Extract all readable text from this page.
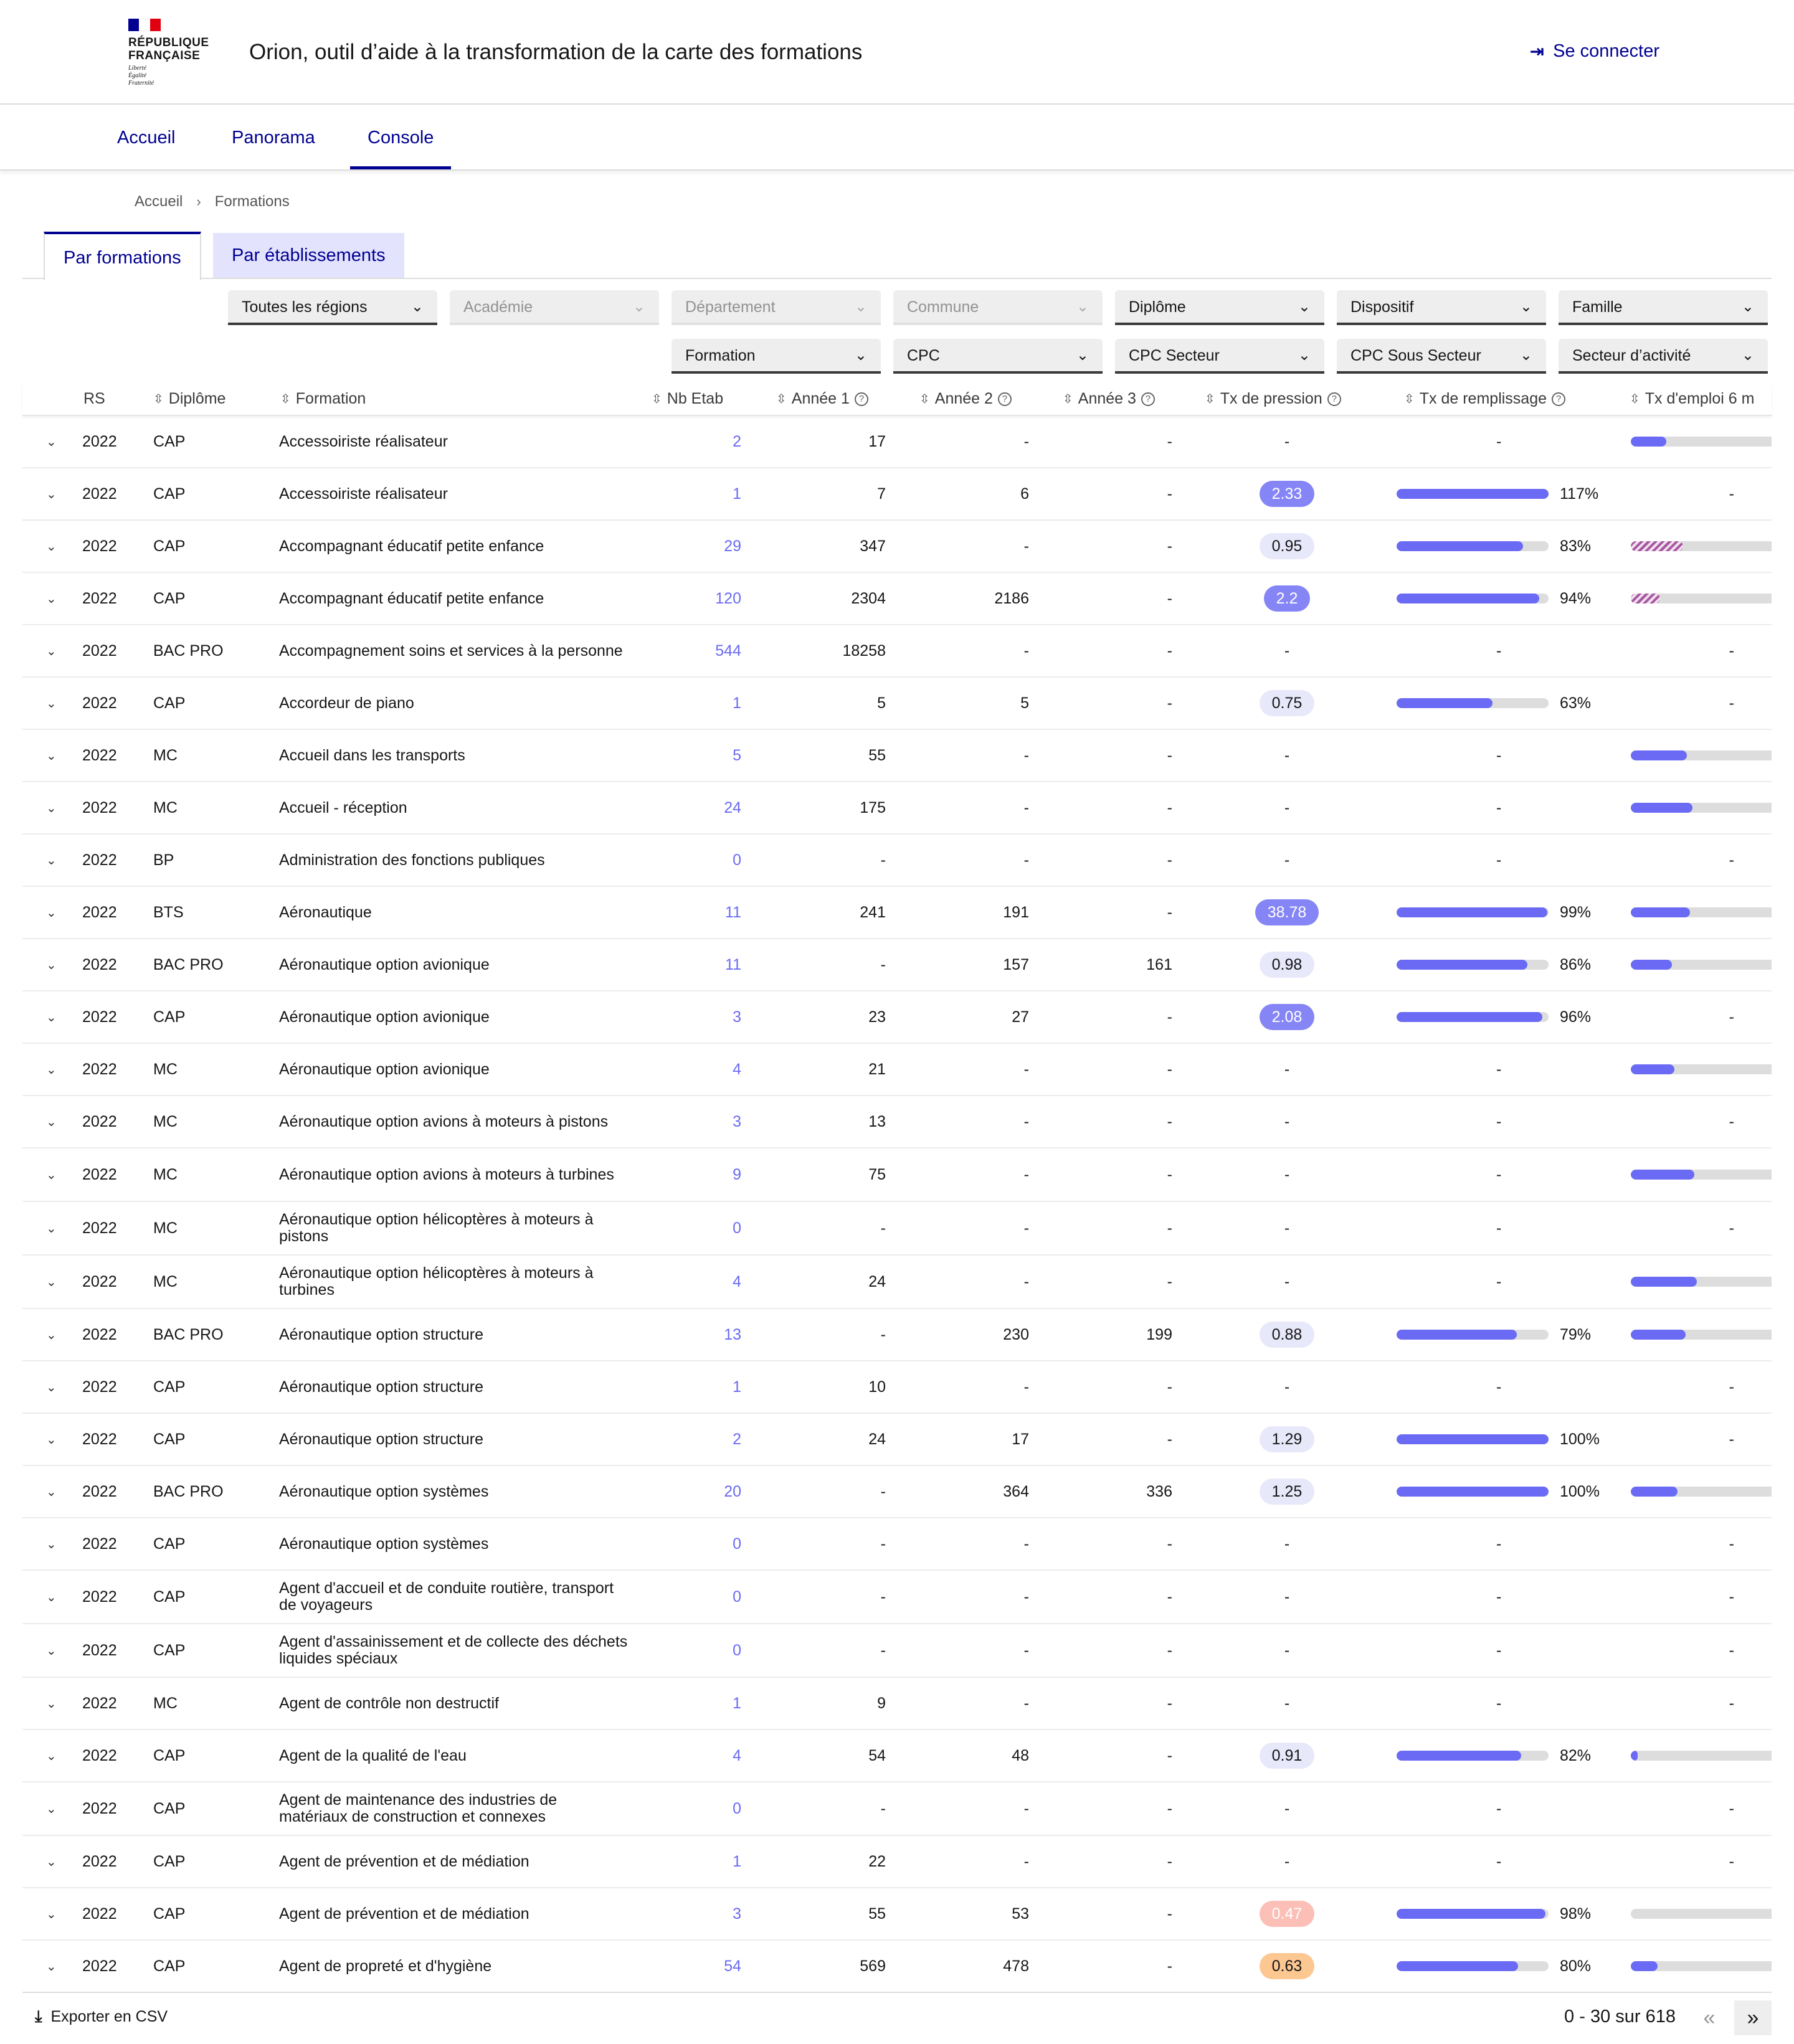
RÉPUBLIQUE
FRANÇAISE
Liberté
Égalité
Fraternité
Orion, outil d’aide à la transformation de la carte des formations	⇥ Se connecter
Accueil	Panorama	Console
Accueil › Formations
Par formations	Par établissements
Toutes les régions	⌄	Académie	⌄	Département	⌄	Commune	⌄	Diplôme	⌄	Dispositif	⌄	Famille	⌄
Formation	⌄	CPC	⌄	CPC Secteur	⌄	CPC Sous Secteur	⌄	Secteur d’activité	⌄
RS	⇳ Diplôme	⇳ Formation	⇳ Nb Etab	⇳ Année 1 ?	⇳ Année 2 ?	⇳ Année 3 ?	⇳ Tx de pression ?	⇳ Tx de remplissage ?	⇳ Tx d'emploi 6 m
⌄ 2022 CAP	Accessoiriste réalisateur	2	17	-	-	-	-
⌄ 2022 CAP	Accessoiriste réalisateur	1	7	6	-	2.33	117%	-
⌄ 2022 CAP	Accompagnant éducatif petite enfance	29	347	-	-	0.95	83%
⌄ 2022 CAP	Accompagnant éducatif petite enfance	120	2304	2186	-	2.2	94%
⌄ 2022 BAC PRO	Accompagnement soins et services à la personne	544	18258	-	-	-	-	-
⌄ 2022 CAP	Accordeur de piano	1	5	5	-	0.75	63%	-
⌄ 2022 MC	Accueil dans les transports	5	55	-	-	-	-
⌄ 2022 MC	Accueil - réception	24	175	-	-	-	-
⌄ 2022 BP	Administration des fonctions publiques	0	-	-	-	-	-	-
⌄ 2022 BTS	Aéronautique	11	241	191	-	38.78	99%
⌄ 2022 BAC PRO	Aéronautique option avionique	11	-	157	161	0.98	86%
⌄ 2022 CAP	Aéronautique option avionique	3	23	27	-	2.08	96%	-
⌄ 2022 MC	Aéronautique option avionique	4	21	-	-	-	-
⌄ 2022 MC	Aéronautique option avions à moteurs à pistons	3	13	-	-	-	-	-
⌄ 2022 MC	Aéronautique option avions à moteurs à turbines	9	75	-	-	-	-
⌄ 2022 MC	Aéronautique option hélicoptères à moteurs à pistons	0	-	-	-	-	-	-
⌄ 2022 MC	Aéronautique option hélicoptères à moteurs à turbines	4	24	-	-	-	-
⌄ 2022 BAC PRO	Aéronautique option structure	13	-	230	199	0.88	79%
⌄ 2022 CAP	Aéronautique option structure	1	10	-	-	-	-	-
⌄ 2022 CAP	Aéronautique option structure	2	24	17	-	1.29	100%	-
⌄ 2022 BAC PRO	Aéronautique option systèmes	20	-	364	336	1.25	100%
⌄ 2022 CAP	Aéronautique option systèmes	0	-	-	-	-	-	-
⌄ 2022 CAP	Agent d'accueil et de conduite routière, transport de voyageurs	0	-	-	-	-	-	-
⌄ 2022 CAP	Agent d'assainissement et de collecte des déchets liquides spéciaux	0	-	-	-	-	-	-
⌄ 2022 MC	Agent de contrôle non destructif	1	9	-	-	-	-	-
⌄ 2022 CAP	Agent de la qualité de l'eau	4	54	48	-	0.91	82%
⌄ 2022 CAP	Agent de maintenance des industries de matériaux de construction et connexes	0	-	-	-	-	-	-
⌄ 2022 CAP	Agent de prévention et de médiation	1	22	-	-	-	-	-
⌄ 2022 CAP	Agent de prévention et de médiation	3	55	53	-	0.47	98%
⌄ 2022 CAP	Agent de propreté et d'hygiène	54	569	478	-	0.63	80%
⤓ Exporter en CSV	0 - 30 sur 618	«	»
